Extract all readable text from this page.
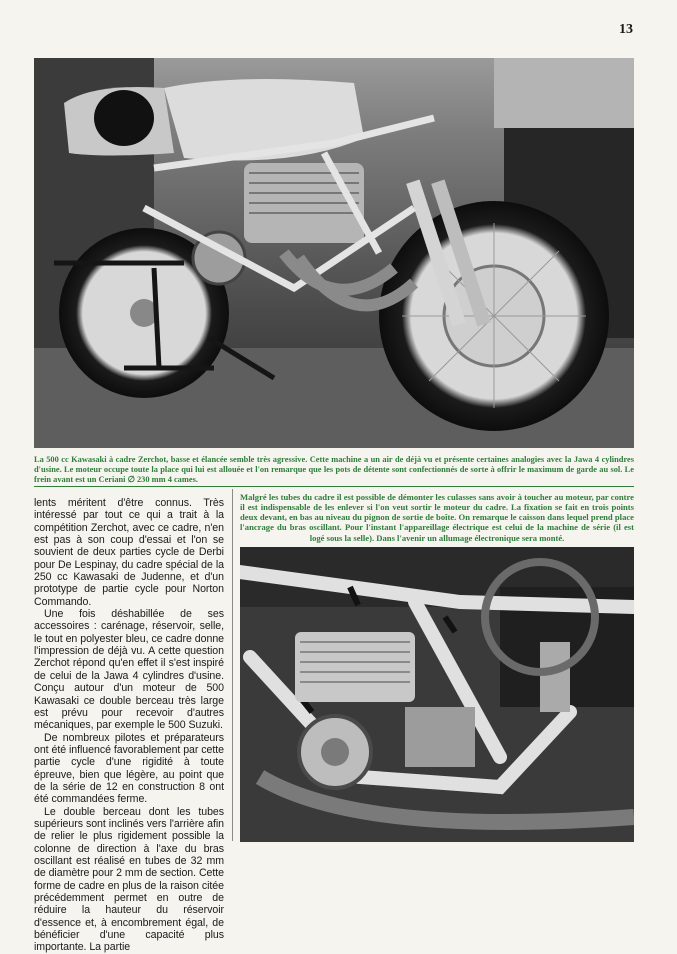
13
La 500 cc Kawasaki à cadre Zerchot, basse et élancée semble très agressive. Cette machine a un air de déjà vu et présente certaines analogies avec la Jawa 4 cylindres d'usine. Le moteur occupe toute la place qui lui est allouée et l'on remarque que les pots de détente sont confectionnés de sorte à offrir le maximum de garde au sol. Le frein avant est un Ceriani ∅ 230 mm 4 cames.

lents méritent d'être connus. Très intéressé par tout ce qui a trait à la compétition Zerchot, avec ce cadre, n'en est pas à son coup d'essai et l'on se souvient de deux parties cycle de Derbi pour De Lespinay, du cadre spécial de la 250 cc Kawasaki de Judenne, et d'un prototype de partie cycle pour Norton Commando.

Une fois déshabillée de ses accessoires : carénage, réservoir, selle, le tout en polyester bleu, ce cadre donne l'impression de déjà vu. A cette question Zerchot répond qu'en effet il s'est inspiré de celui de la Jawa 4 cylindres d'usine. Conçu autour d'un moteur de 500 Kawasaki ce double berceau très large est prévu pour recevoir d'autres mécaniques, par exemple le 500 Suzuki.

De nombreux pilotes et préparateurs ont été influencé favorablement par cette partie cycle d'une rigidité à toute épreuve, bien que légère, au point que de la série de 12 en construction 8 ont été commandées ferme.

Le double berceau dont les tubes supérieurs sont inclinés vers l'arrière afin de relier le plus rigidement possible la colonne de direction à l'axe du bras oscillant est réalisé en tubes de 32 mm de diamètre pour 2 mm de section. Cette forme de cadre en plus de la raison citée précédemment permet en outre de réduire la hauteur du réservoir d'essence et, à encombrement égal, de bénéficier d'une capacité plus importante. La partie

Malgré les tubes du cadre il est possible de démonter les culasses sans avoir à toucher au moteur, par contre il est indispensable de les enlever si l'on veut sortir le moteur du cadre. La fixation se fait en trois points deux devant, en bas au niveau du pignon de sortie de boîte. On remarque le caisson dans lequel prend place l'ancrage du bras oscillant. Pour l'instant l'appareillage électrique est celui de la machine de série (il est logé sous la selle). Dans l'avenir un allumage électronique sera monté.
